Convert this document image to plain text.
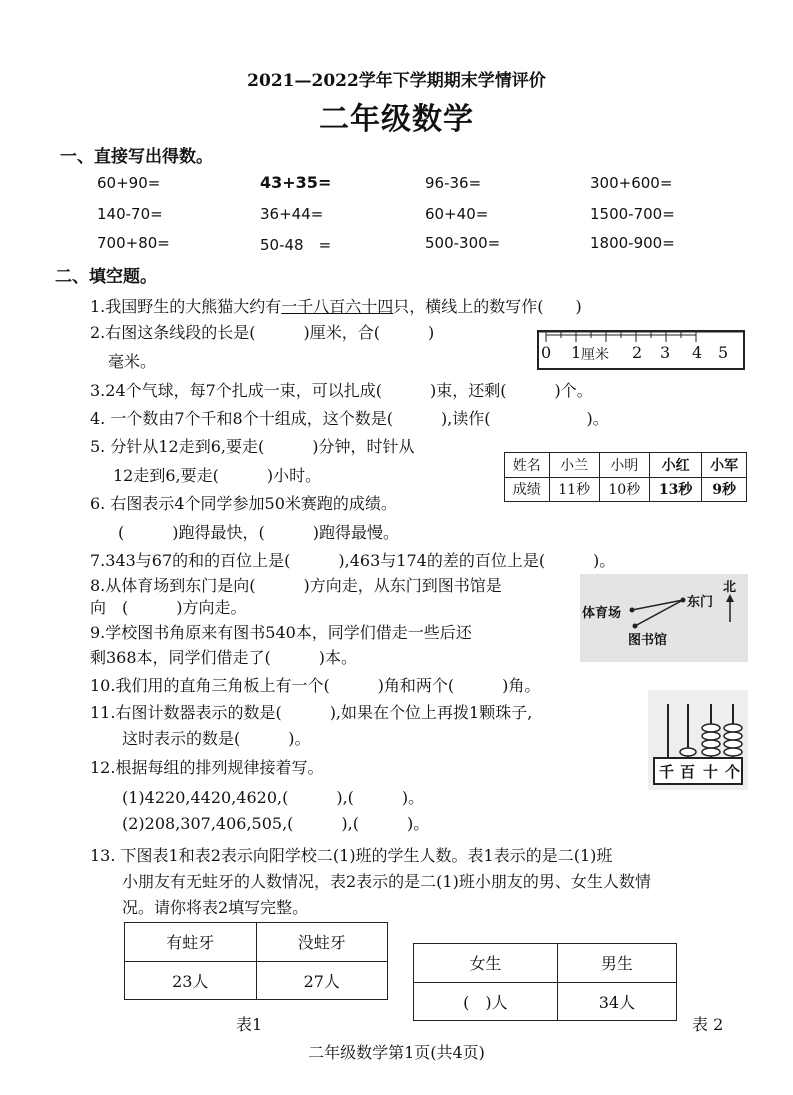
2021—2022学年下学期期末学情评价
二年级数学
一、直接写出得数。
60+90=	43+35=	96-36=	300+600=
140-70=	36+44=	60+40=	1500-700=
700+80=	50-48　=	500-300=	1800-900=
二、填空题。
1.我国野生的大熊猫大约有一千八百六十四只，横线上的数写作(　　)
2.右图这条线段的长是(　　　)厘米，合(　　　)
毫米。	0 1 厘米 2 3 4 5
3.24个气球，每7个扎成一束，可以扎成(　　　)束，还剩(　　　)个。
4. 一个数由7个千和8个十组成，这个数是(　　　),读作(　　　　　　)。
5. 分针从12走到6,要走(　　　)分钟，时针从
12走到6,要走(　　　)小时。
姓名	小兰	小明	小红	小军
成绩	11秒	10秒	13秒	9秒
6. 右图表示4个同学参加50米赛跑的成绩。
(　　　)跑得最快，(　　　)跑得最慢。
7.343与67的和的百位上是(　　　),463与174的差的百位上是(　　　)。
8.从体育场到东门是向(　　　)方向走，从东门到图书馆是
向　(　　　)方向走。	体育场
东门
图书馆
北
9.学校图书角原来有图书540本，同学们借走一些后还
剩368本，同学们借走了(　　　)本。
10.我们用的直角三角板上有一个(　　　)角和两个(　　　)角。
11.右图计数器表示的数是(　　　),如果在个位上再拨1颗珠子,
这时表示的数是(　　　)。
千 百 十 个
12.根据每组的排列规律接着写。
(1)4220,4420,4620,(　　　),(　　　)。
(2)208,307,406,505,(　　　),(　　　)。
13. 下图表1和表2表示向阳学校二(1)班的学生人数。表1表示的是二(1)班
小朋友有无蛀牙的人数情况，表2表示的是二(1)班小朋友的男、女生人数情
况。请你将表2填写完整。
有蛀牙	没蛀牙
23人	27人
表1
女生	男生
(　)人	34人
表 2
二年级数学第1页(共4页)
